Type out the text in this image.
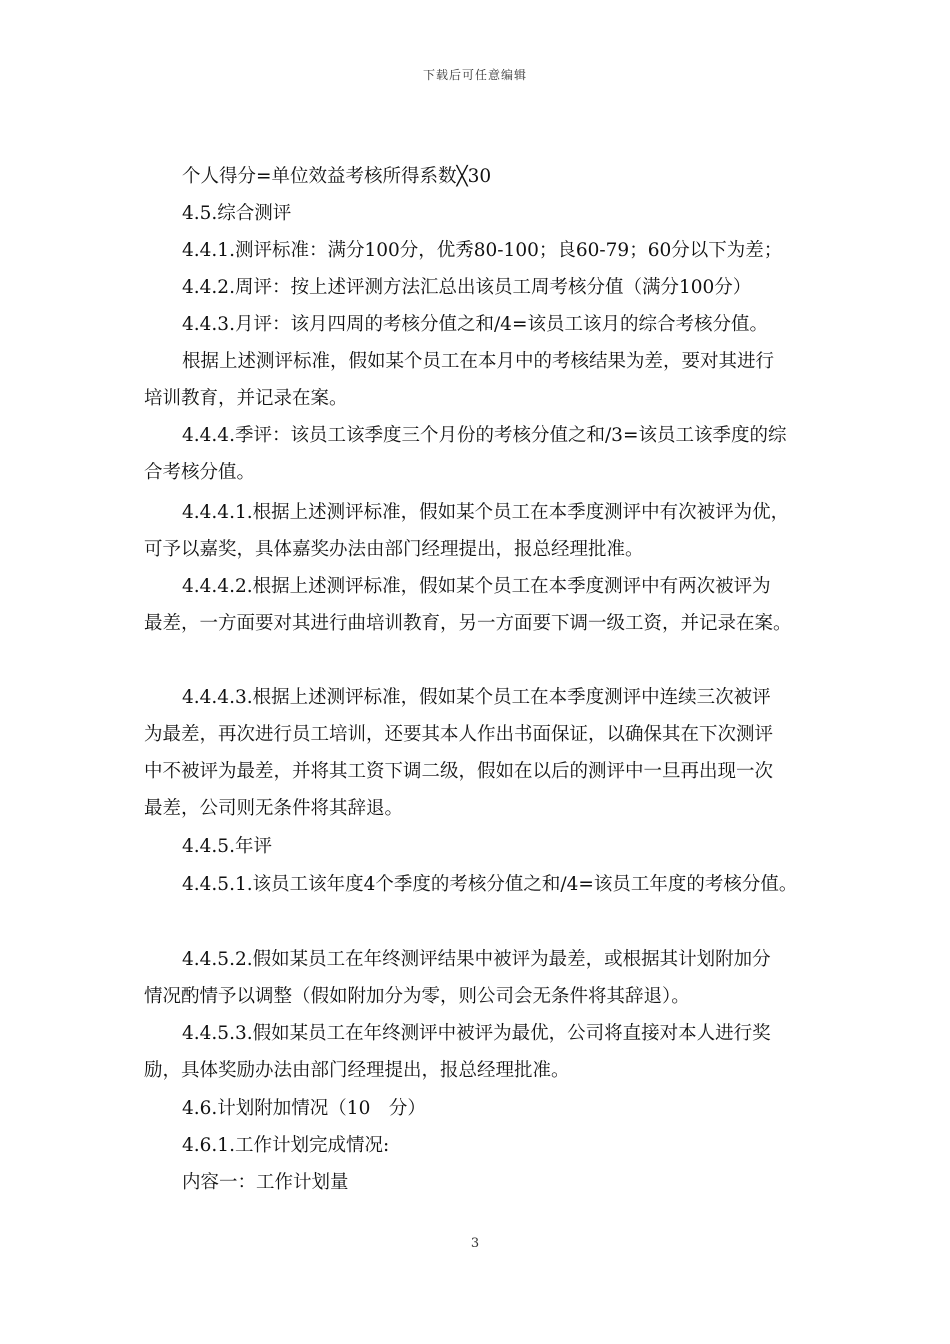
下载后可任意编辑
个人得分=单位效益考核所得系数╳30
4.5.综合测评
4.4.1.测评标准：满分100分，优秀80-100；良60-79；60分以下为差；
4.4.2.周评：按上述评测方法汇总出该员工周考核分值（满分100分）
4.4.3.月评：该月四周的考核分值之和/4=该员工该月的综合考核分值。
根据上述测评标准，假如某个员工在本月中的考核结果为差，要对其进行
培训教育，并记录在案。
4.4.4.季评：该员工该季度三个月份的考核分值之和/3=该员工该季度的综
合考核分值。
4.4.4.1.根据上述测评标准，假如某个员工在本季度测评中有次被评为优，
可予以嘉奖，具体嘉奖办法由部门经理提出，报总经理批准。
4.4.4.2.根据上述测评标准，假如某个员工在本季度测评中有两次被评为
最差，一方面要对其进行曲培训教育，另一方面要下调一级工资，并记录在案。
4.4.4.3.根据上述测评标准，假如某个员工在本季度测评中连续三次被评
为最差，再次进行员工培训，还要其本人作出书面保证，以确保其在下次测评
中不被评为最差，并将其工资下调二级，假如在以后的测评中一旦再出现一次
最差，公司则无条件将其辞退。
4.4.5.年评
4.4.5.1.该员工该年度4个季度的考核分值之和/4=该员工年度的考核分值。
4.4.5.2.假如某员工在年终测评结果中被评为最差，或根据其计划附加分
情况酌情予以调整（假如附加分为零，则公司会无条件将其辞退）。
4.4.5.3.假如某员工在年终测评中被评为最优，公司将直接对本人进行奖
励，具体奖励办法由部门经理提出，报总经理批准。
4.6.计划附加情况（10　分）
4.6.1.工作计划完成情况:
内容一：工作计划量
3
